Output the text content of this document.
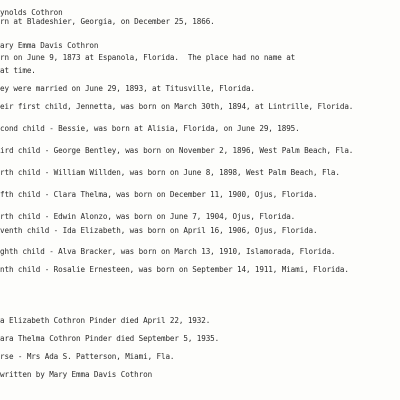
ynolds Cothron

rn at Bladeshier, Georgia, on December 25, 1866.

ary Emma Davis Cothron

rn on June 9, 1873 at Espanola, Florida.  The place had no name at

at time.

ey were married on June 29, 1893, at Titusville, Florida.

eir first child, Jennetta, was born on March 30th, 1894, at Lintrille, Florida.

cond child - Bessie, was born at Alisia, Florida, on June 29, 1895.

ird child - George Bentley, was born on November 2, 1896, West Palm Beach, Fla.

rth child - William Willden, was born on June 8, 1898, West Palm Beach, Fla.

fth child - Clara Thelma, was born on December 11, 1900, Ojus, Florida.

rth child - Edwin Alonzo, was born on June 7, 1904, Ojus, Florida.

venth child - Ida Elizabeth, was born on April 16, 1906, Ojus, Florida.

ghth child - Alva Bracker, was born on March 13, 1910, Islamorada, Florida.

nth child - Rosalie Ernesteen, was born on September 14, 1911, Miami, Florida.

a Elizabeth Cothron Pinder died April 22, 1932.

ara Thelma Cothron Pinder died September 5, 1935.

rse - Mrs Ada S. Patterson, Miami, Fla.

written by Mary Emma Davis Cothron
